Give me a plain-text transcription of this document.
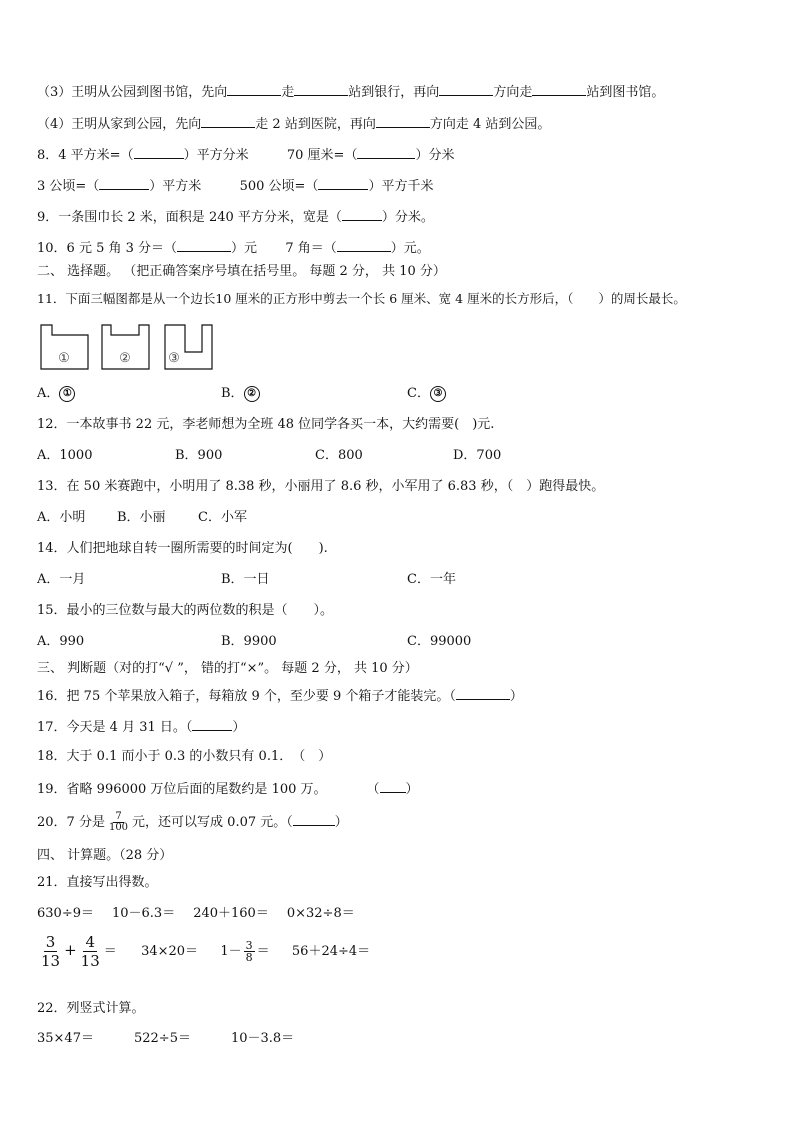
（3）王明从公园到图书馆，先向	走	站到银行，再向	方向走	站到图书馆。
（4）王明从家到公园，先向	走 2 站到医院，再向	方向走 4 站到公园。
8．4 平方米=（	）平方分米	70 厘米=（	）分米
3 公顷=（	）平方米	500 公顷=（	）平方千米
9．一条围巾长 2 米，面积是 240 平方分米，宽是（	）分米。
10．6 元 5 角 3 分＝（	）元 7 角＝（	）元。
二、 选择题。 （把正确答案序号填在括号里。 每题 2 分， 共 10 分）
11．下面三幅图都是从一个边长10 厘米的正方形中剪去一个长 6 厘米、宽 4 厘米的长方形后，（　　）的周长最长。
①	②	③
A． ①	B． ②	C． ③
12．一本故事书 22 元，李老师想为全班 48 位同学各买一本，大约需要(　)元.
A．1000	B．900	C．800	D．700
13．在 50 米赛跑中，小明用了 8.38 秒，小丽用了 8.6 秒，小军用了 6.83 秒，（　）跑得最快。
A．小明 B．小丽 C．小军
14．人们把地球自转一圈所需要的时间定为(　　).
A．一月	B．一日	C．一年
15．最小的三位数与最大的两位数的积是（　　）。
A．990	B．9900	C．99000
三、 判断题（对的打“√ ”， 错的打“×”。 每题 2 分， 共 10 分）
16．把 75 个苹果放入箱子，每箱放 9 个，至少要 9 个箱子才能装完。（	）
17．今天是 4 月 31 日。（	）
18．大于 0.1 而小于 0.3 的小数只有 0.1．　（　）
19．省略 996000 万位后面的尾数约是 100 万。	（ ）
20．7 分是 $\frac{7}{100}$ 元，还可以写成 0.07 元。（	）
四、 计算题。（28 分）
21．直接写出得数。
630÷9＝ 10－6.3＝ 240＋160＝ 0×32÷8＝
$\frac{3}{13} + \frac{4}{13} = 34\times 20= 1- \frac{3}{8} = 56+24\div 4=$
22．列竖式计算。
35×47＝	522÷5＝	10－3.8＝
